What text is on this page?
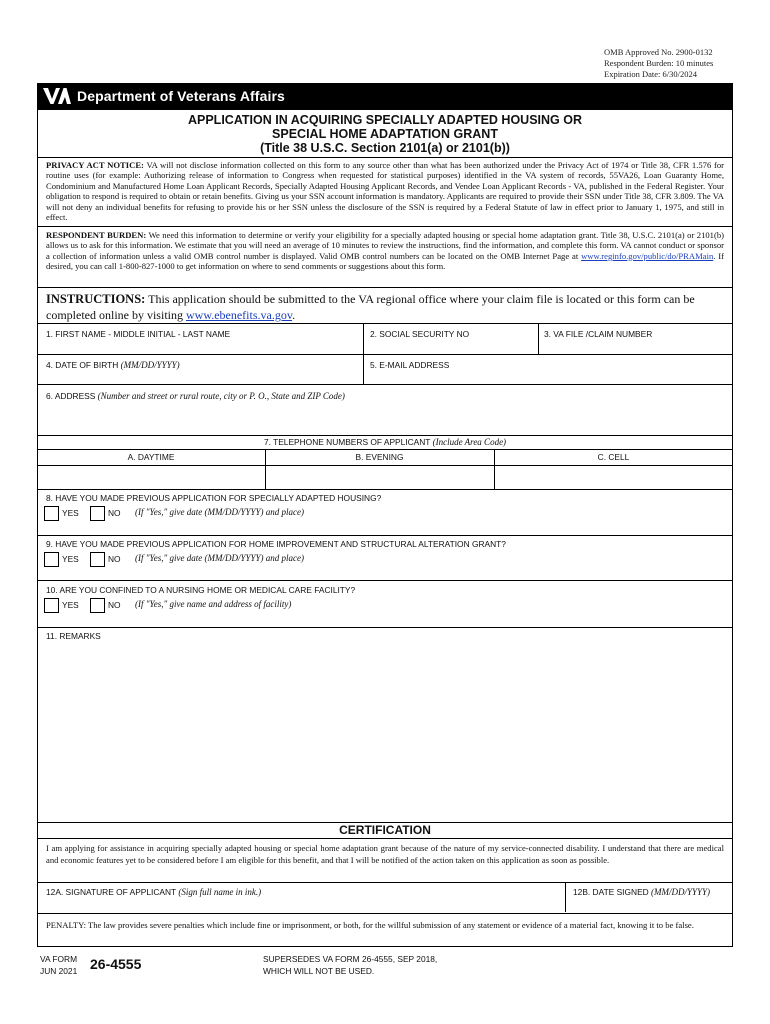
OMB Approved No. 2900-0132
Respondent Burden: 10 minutes
Expiration Date: 6/30/2024
Department of Veterans Affairs
APPLICATION IN ACQUIRING SPECIALLY ADAPTED HOUSING OR
SPECIAL HOME ADAPTATION GRANT
(Title 38 U.S.C. Section 2101(a) or 2101(b))
PRIVACY ACT NOTICE: VA will not disclose information collected on this form to any source other than what has been authorized under the Privacy Act of 1974 or Title 38, CFR 1.576 for routine uses (for example: Authorizing release of information to Congress when requested for statistical purposes) identified in the VA system of records, 55VA26, Loan Guaranty Home, Condominium and Manufactured Home Loan Applicant Records, Specially Adapted Housing Applicant Records, and Vendee Loan Applicant Records - VA, published in the Federal Register. Your obligation to respond is required to obtain or retain benefits. Giving us your SSN account information is mandatory. Applicants are required to provide their SSN under Title 38, CFR 3.809. The VA will not deny an individual benefits for refusing to provide his or her SSN unless the disclosure of the SSN is required by a Federal Statute of law in effect prior to January 1, 1975, and still in effect.
RESPONDENT BURDEN: We need this information to determine or verify your eligibility for a specially adapted housing or special home adaptation grant. Title 38, U.S.C. 2101(a) or 2101(b) allows us to ask for this information. We estimate that you will need an average of 10 minutes to review the instructions, find the information, and complete this form. VA cannot conduct or sponsor a collection of information unless a valid OMB control number is displayed. Valid OMB control numbers can be located on the OMB Internet Page at www.reginfo.gov/public/do/PRAMain. If desired, you can call 1-800-827-1000 to get information on where to send comments or suggestions about this form.
INSTRUCTIONS: This application should be submitted to the VA regional office where your claim file is located or this form can be completed online by visiting www.ebenefits.va.gov.
1. FIRST NAME - MIDDLE INITIAL - LAST NAME	2. SOCIAL SECURITY NO	3. VA FILE /CLAIM NUMBER
4. DATE OF BIRTH (MM/DD/YYYY)	5. E-MAIL ADDRESS
6. ADDRESS (Number and street or rural route, city or P. O., State and ZIP Code)
7. TELEPHONE NUMBERS OF APPLICANT (Include Area Code)
A. DAYTIME	B. EVENING	C. CELL
8. HAVE YOU MADE PREVIOUS APPLICATION FOR SPECIALLY ADAPTED HOUSING?
YES	NO (If "Yes," give date (MM/DD/YYYY) and place)
9. HAVE YOU MADE PREVIOUS APPLICATION FOR HOME IMPROVEMENT AND STRUCTURAL ALTERATION GRANT?
YES	NO (If "Yes," give date (MM/DD/YYYY) and place)
10. ARE YOU CONFINED TO A NURSING HOME OR MEDICAL CARE FACILITY?
YES	NO (If "Yes," give name and address of facility)
11. REMARKS
CERTIFICATION
I am applying for assistance in acquiring specially adapted housing or special home adaptation grant because of the nature of my service-connected disability. I understand that there are medical and economic features yet to be considered before I am eligible for this benefit, and that I will be notified of the action taken on this application as soon as possible.
12A. SIGNATURE OF APPLICANT (Sign full name in ink.)	12B. DATE SIGNED (MM/DD/YYYY)
PENALTY: The law provides severe penalties which include fine or imprisonment, or both, for the willful submission of any statement or evidence of a material fact, knowing it to be false.
VA FORM
JUN 2021 26-4555	SUPERSEDES VA FORM 26-4555, SEP 2018,
WHICH WILL NOT BE USED.
